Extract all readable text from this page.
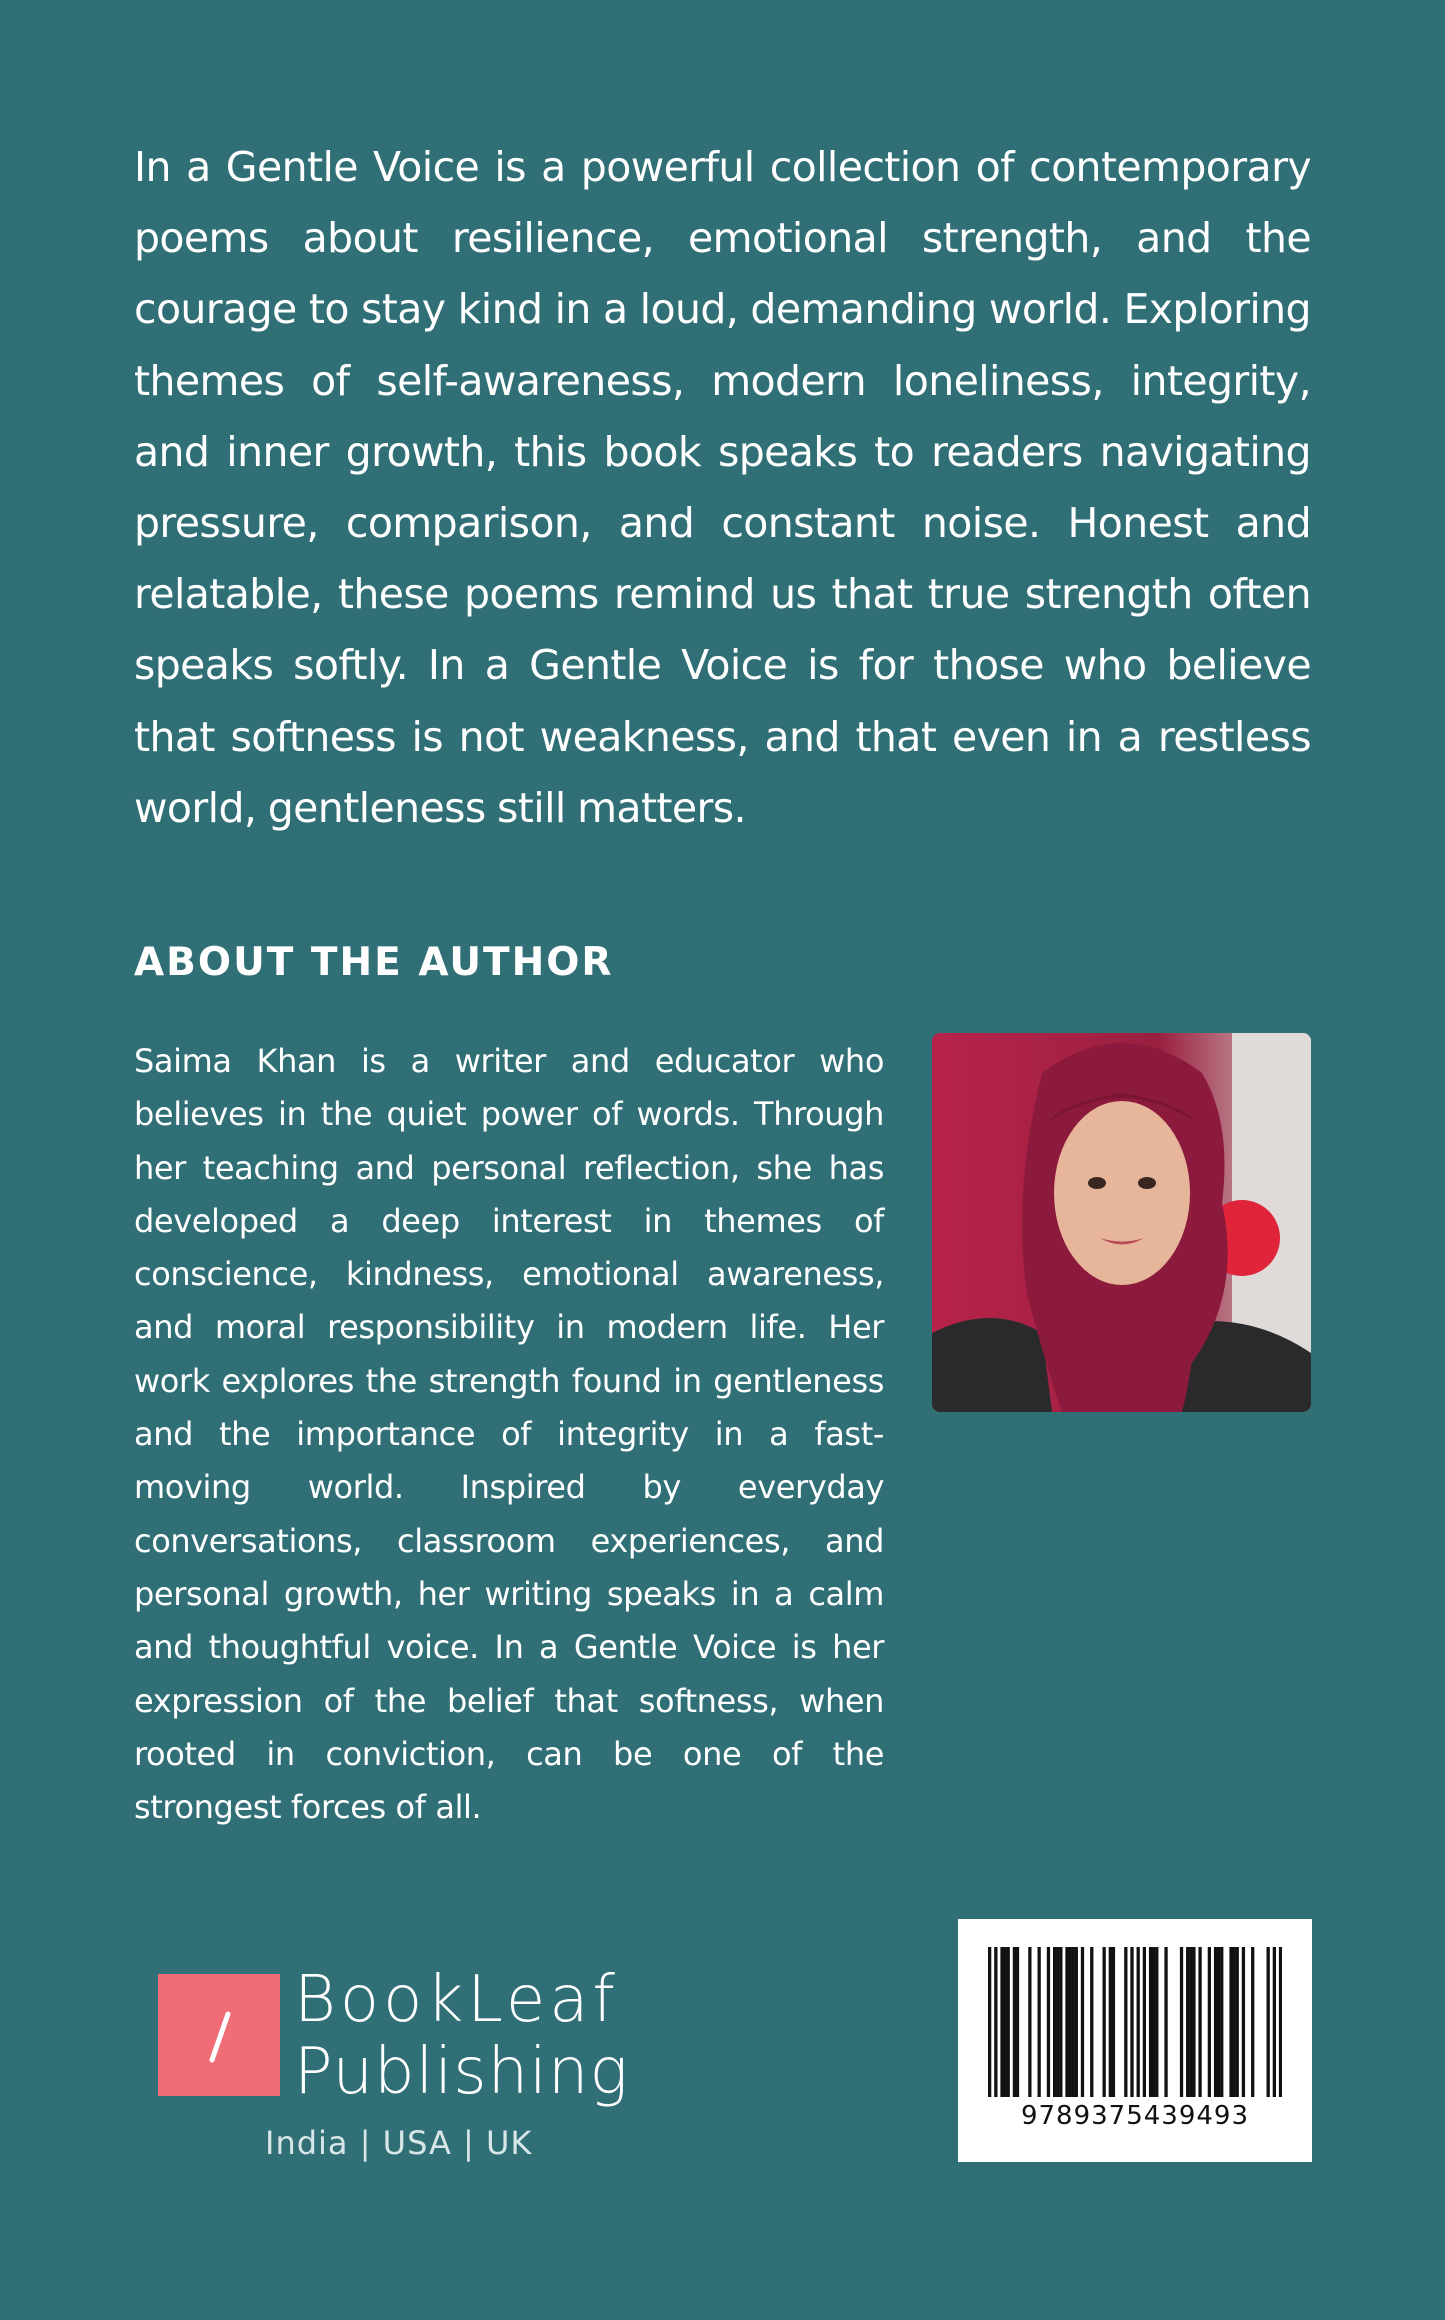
In a Gentle Voice is a powerful collection of contemporary poems about resilience, emotional strength, and the courage to stay kind in a loud, demanding world. Exploring themes of self-awareness, modern loneliness, integrity, and inner growth, this book speaks to readers navigating pressure, comparison, and constant noise. Honest and relatable, these poems remind us that true strength often speaks softly. In a Gentle Voice is for those who believe that softness is not weakness, and that even in a restless world, gentleness still matters.

ABOUT THE AUTHOR

Saima Khan is a writer and educator who believes in the quiet power of words. Through her teaching and personal reflection, she has developed a deep interest in themes of conscience, kindness, emotional awareness, and moral responsibility in modern life. Her work explores the strength found in gentleness and the importance of integrity in a fast-moving world. Inspired by everyday conversations, classroom experiences, and personal growth, her writing speaks in a calm and thoughtful voice. In a Gentle Voice is her expression of the belief that softness, when rooted in conviction, can be one of the strongest forces of all.

BookLeaf
Publishing
India | USA | UK
9789375439493
